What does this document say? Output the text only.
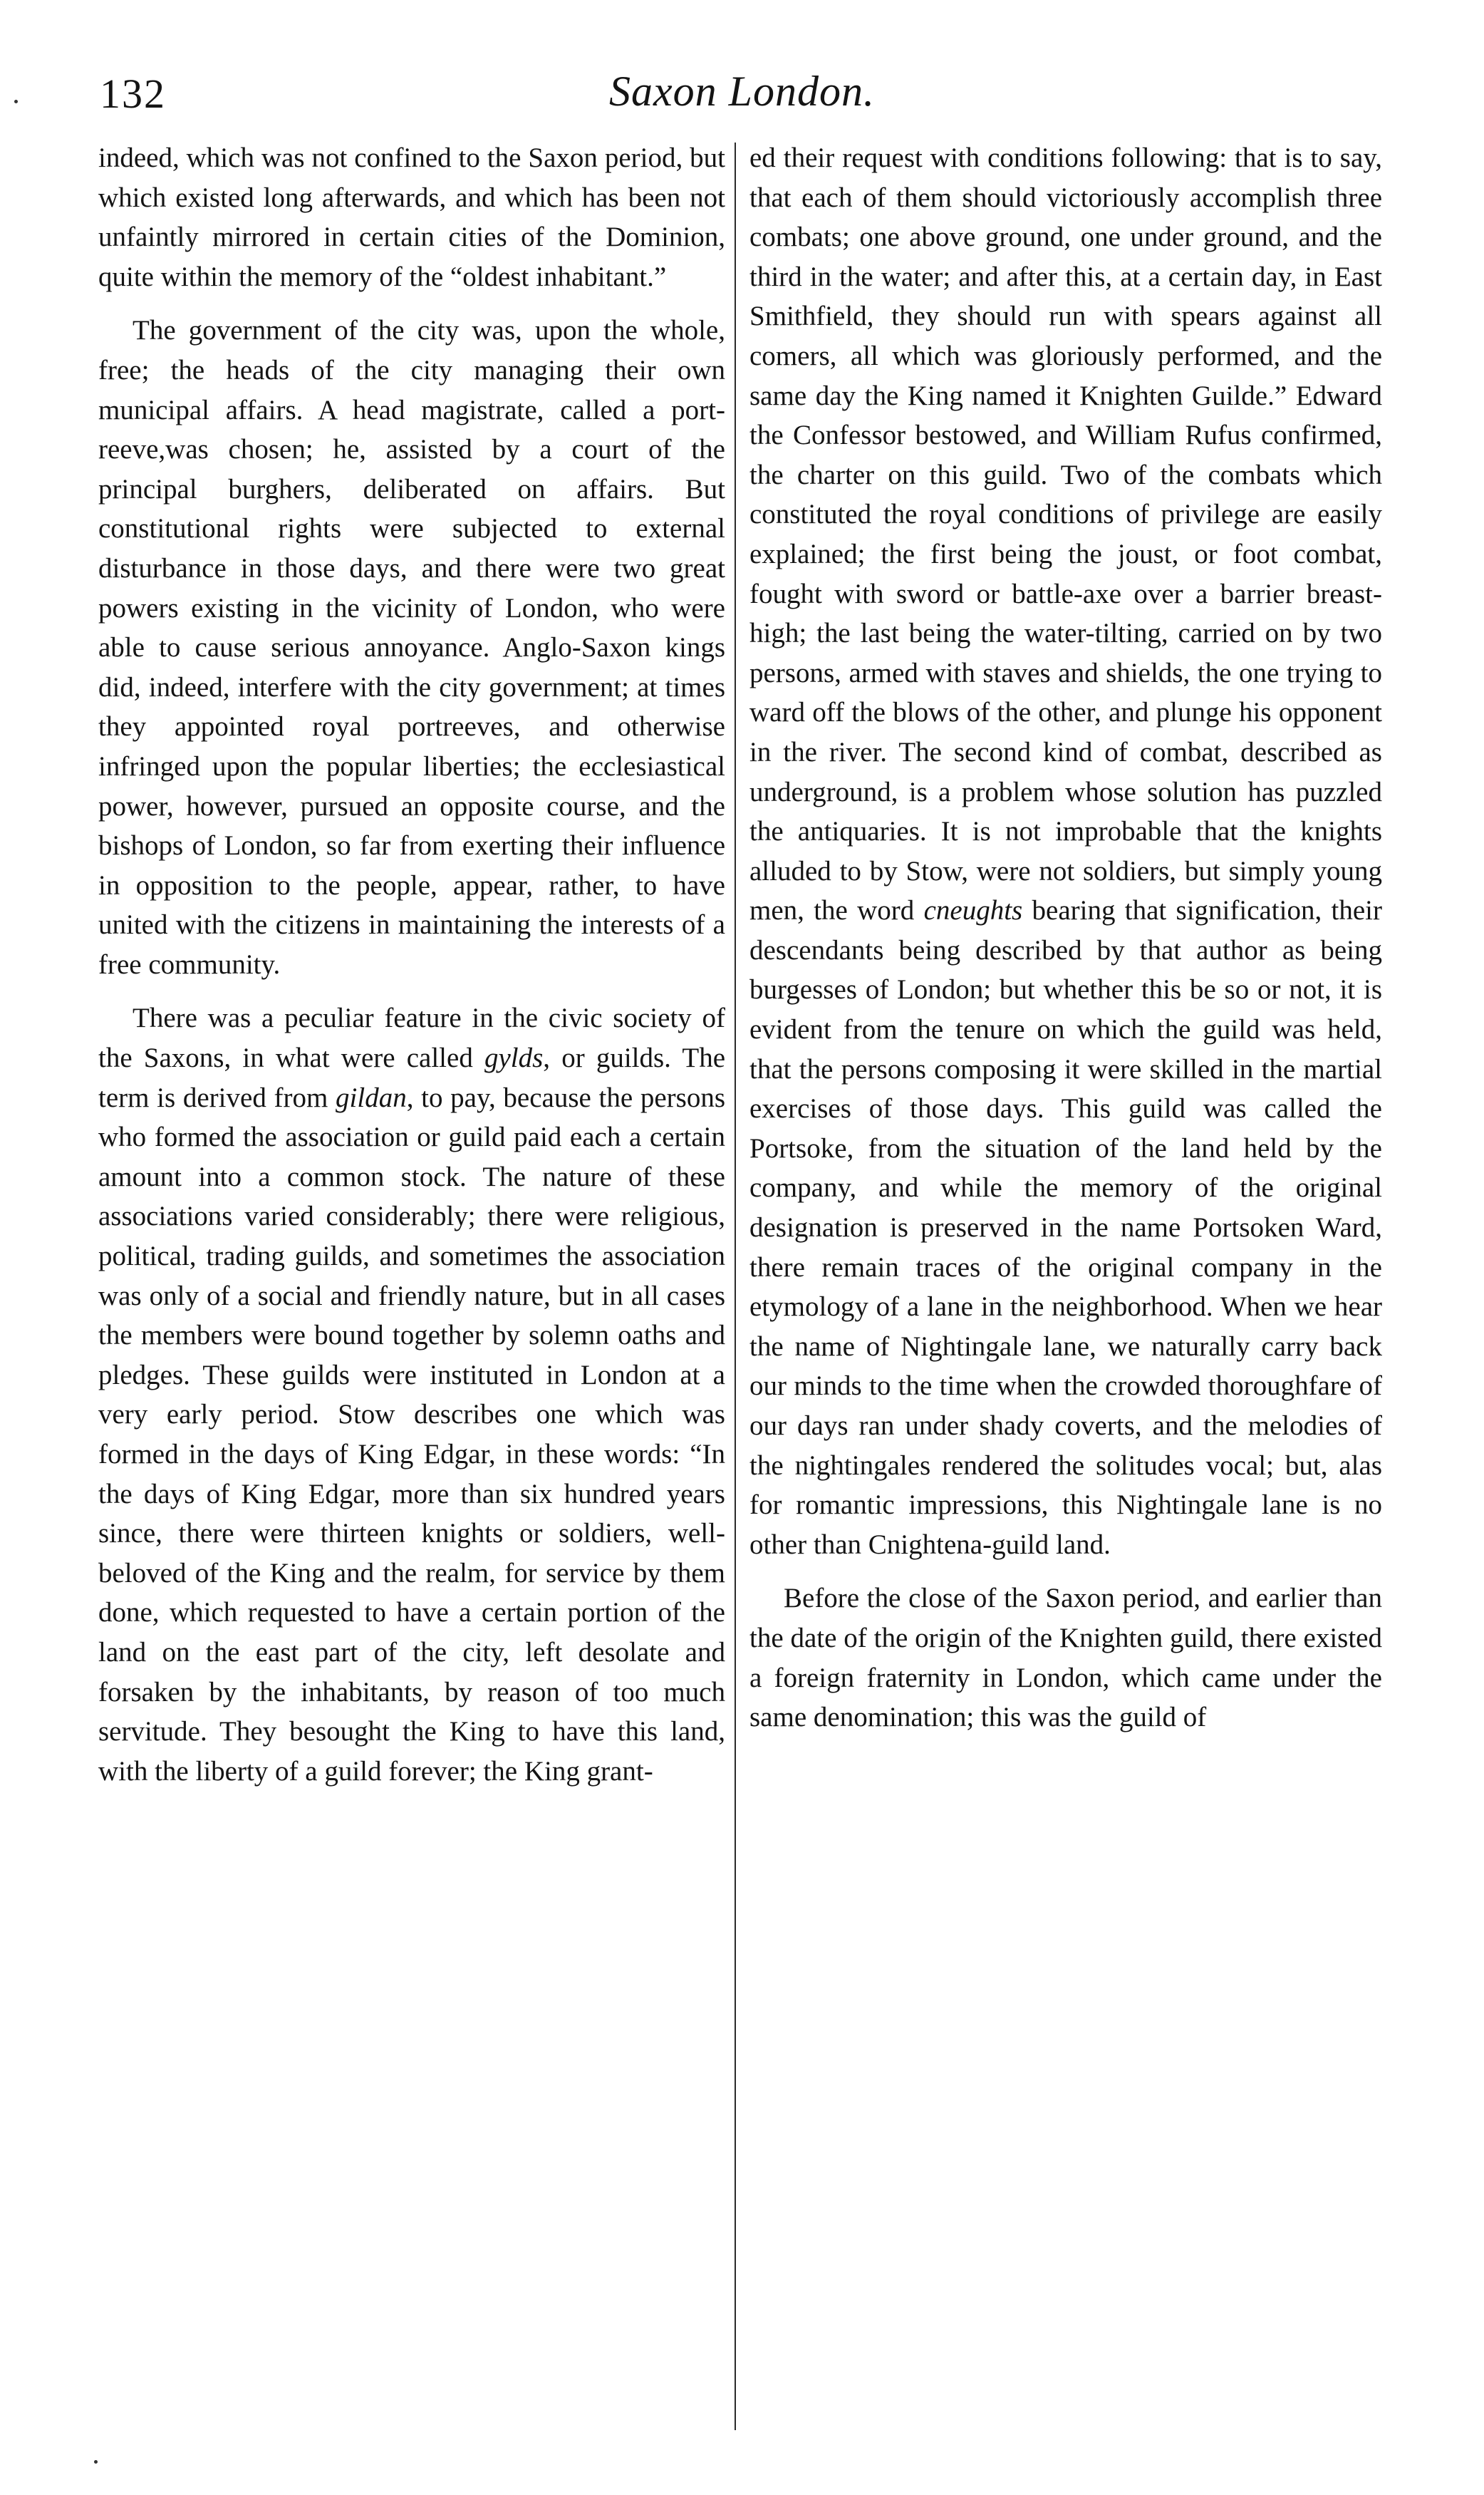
132	Saxon London.

indeed, which was not confined to the Saxon period, but which existed long afterwards, and which has been not unfaintly mirrored in certain cities of the Dominion, quite within the memory of the “oldest inhabitant.”

The government of the city was, upon the whole, free; the heads of the city managing their own municipal affairs. A head magistrate, called a port-reeve,was chosen; he, assisted by a court of the principal burghers, deliberated on affairs. But constitutional rights were subjected to external disturbance in those days, and there were two great powers existing in the vicinity of London, who were able to cause serious annoyance. Anglo-Saxon kings did, indeed, interfere with the city government; at times they appointed royal portreeves, and otherwise infringed upon the popular liberties; the ecclesiastical power, however, pursued an opposite course, and the bishops of London, so far from exerting their influence in opposition to the people, appear, rather, to have united with the citizens in maintaining the interests of a free community.

There was a peculiar feature in the civic society of the Saxons, in what were called gylds, or guilds. The term is derived from gildan, to pay, because the persons who formed the association or guild paid each a certain amount into a common stock. The nature of these associations varied considerably; there were religious, political, trading guilds, and sometimes the association was only of a social and friendly nature, but in all cases the members were bound together by solemn oaths and pledges. These guilds were instituted in London at a very early period. Stow describes one which was formed in the days of King Edgar, in these words: “In the days of King Edgar, more than six hundred years since, there were thirteen knights or soldiers, well-beloved of the King and the realm, for service by them done, which requested to have a certain portion of the land on the east part of the city, left desolate and forsaken by the inhabitants, by reason of too much servitude. They besought the King to have this land, with the liberty of a guild forever; the King grant-

ed their request with conditions following: that is to say, that each of them should victoriously accomplish three combats; one above ground, one under ground, and the third in the water; and after this, at a certain day, in East Smithfield, they should run with spears against all comers, all which was gloriously performed, and the same day the King named it Knighten Guilde.” Edward the Confessor bestowed, and William Rufus confirmed, the charter on this guild. Two of the combats which constituted the royal conditions of privilege are easily explained; the first being the joust, or foot combat, fought with sword or battle-axe over a barrier breast-high; the last being the water-tilting, carried on by two persons, armed with staves and shields, the one trying to ward off the blows of the other, and plunge his opponent in the river. The second kind of combat, described as underground, is a problem whose solution has puzzled the antiquaries. It is not improbable that the knights alluded to by Stow, were not soldiers, but simply young men, the word cneughts bearing that signification, their descendants being described by that author as being burgesses of London; but whether this be so or not, it is evident from the tenure on which the guild was held, that the persons composing it were skilled in the martial exercises of those days. This guild was called the Portsoke, from the situation of the land held by the company, and while the memory of the original designation is preserved in the name Portsoken Ward, there remain traces of the original company in the etymology of a lane in the neighborhood. When we hear the name of Nightingale lane, we naturally carry back our minds to the time when the crowded thoroughfare of our days ran under shady coverts, and the melodies of the nightingales rendered the solitudes vocal; but, alas for romantic impressions, this Nightingale lane is no other than Cnightena-guild land.

Before the close of the Saxon period, and earlier than the date of the origin of the Knighten guild, there existed a foreign fraternity in London, which came under the same denomination; this was the guild of
